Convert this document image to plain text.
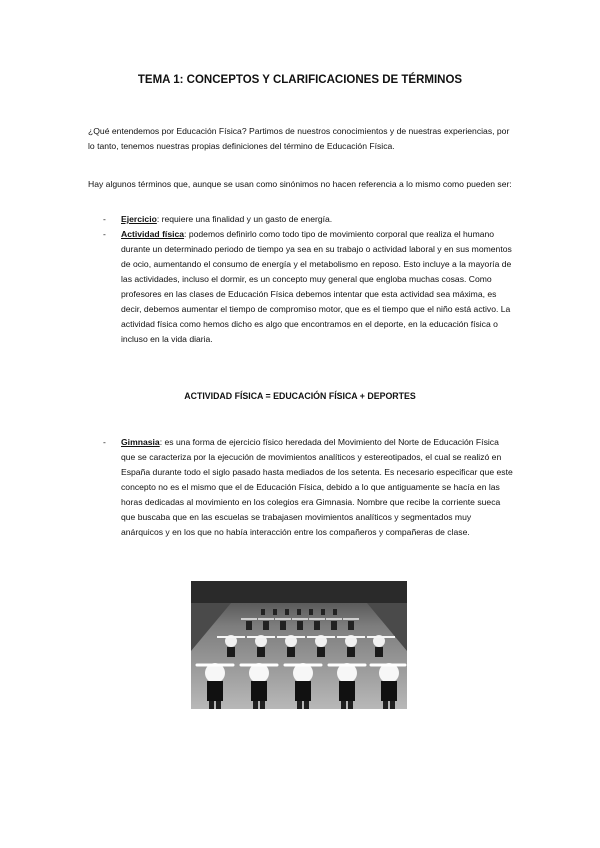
TEMA 1: CONCEPTOS Y CLARIFICACIONES DE TÉRMINOS
¿Qué entendemos por Educación Física? Partimos de nuestros conocimientos y de nuestras experiencias, por lo tanto, tenemos nuestras propias definiciones del término de Educación Física.
Hay algunos términos que, aunque se usan como sinónimos no hacen referencia a lo mismo como pueden ser:
- Ejercicio: requiere una finalidad y un gasto de energía.
- Actividad física: podemos definirlo como todo tipo de movimiento corporal que realiza el humano durante un determinado periodo de tiempo ya sea en su trabajo o actividad laboral y en sus momentos de ocio, aumentando el consumo de energía y el metabolismo en reposo. Esto incluye a la mayoría de las actividades, incluso el dormir, es un concepto muy general que engloba muchas cosas. Como profesores en las clases de Educación Física debemos intentar que esta actividad sea máxima, es decir, debemos aumentar el tiempo de compromiso motor, que es el tiempo que el niño está activo. La actividad física como hemos dicho es algo que encontramos en el deporte, en la educación física o incluso en la vida diaria.
ACTIVIDAD FÍSICA = EDUCACIÓN FÍSICA + DEPORTES
- Gimnasia: es una forma de ejercicio físico heredada del Movimiento del Norte de Educación Física que se caracteriza por la ejecución de movimientos analíticos y estereotipados, el cual se realizó en España durante todo el siglo pasado hasta mediados de los setenta. Es necesario especificar que este concepto no es el mismo que el de Educación Física, debido a lo que antiguamente se hacía en las horas dedicadas al movimiento en los colegios era Gimnasia. Nombre que recibe la corriente sueca que buscaba que en las escuelas se trabajasen movimientos analíticos y segmentados muy anárquicos y en los que no había interacción entre los compañeros y compañeras de clase.
